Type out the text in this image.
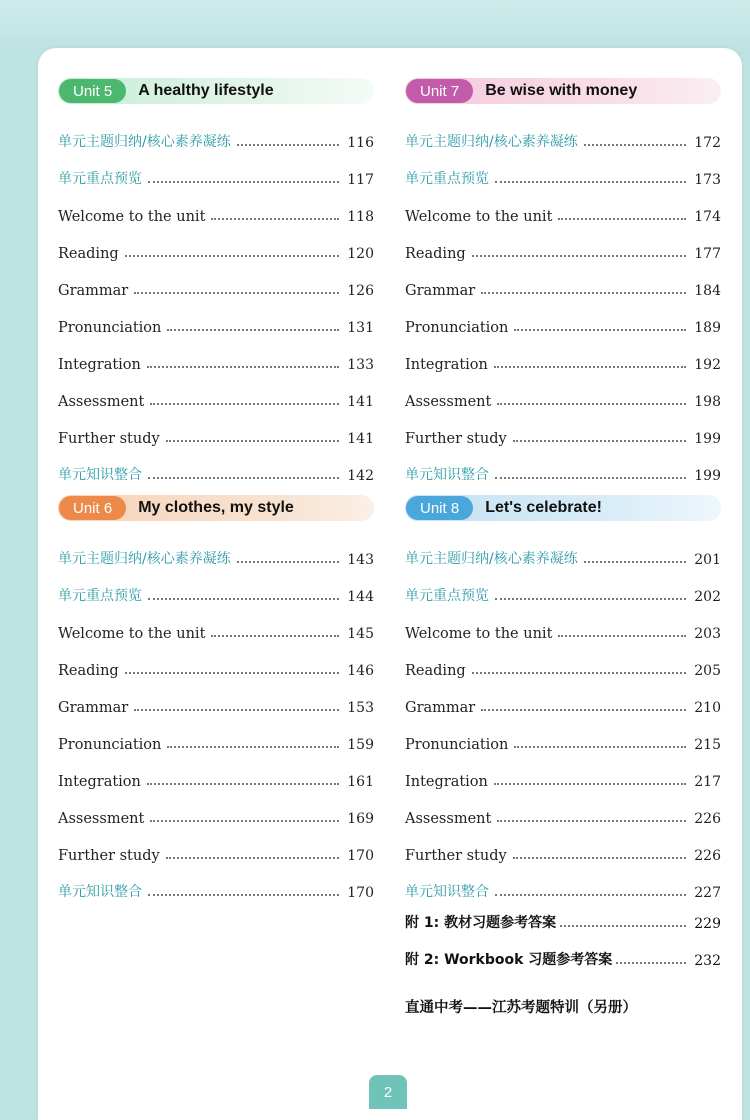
Unit 5	A healthy lifestyle
单元主题归纳/核心素养凝练	116
单元重点预览	117
Welcome to the unit	118
Reading	120
Grammar	126
Pronunciation	131
Integration	133
Assessment	141
Further study	141
单元知识整合	142
Unit 7	Be wise with money
单元主题归纳/核心素养凝练	172
单元重点预览	173
Welcome to the unit	174
Reading	177
Grammar	184
Pronunciation	189
Integration	192
Assessment	198
Further study	199
单元知识整合	199
Unit 6	My clothes, my style
单元主题归纳/核心素养凝练	143
单元重点预览	144
Welcome to the unit	145
Reading	146
Grammar	153
Pronunciation	159
Integration	161
Assessment	169
Further study	170
单元知识整合	170
Unit 8	Let's celebrate!
单元主题归纳/核心素养凝练	201
单元重点预览	202
Welcome to the unit	203
Reading	205
Grammar	210
Pronunciation	215
Integration	217
Assessment	226
Further study	226
单元知识整合	227
附 1: 教材习题参考答案	229
附 2: Workbook 习题参考答案	232
直通中考——江苏考题特训（另册）
2
